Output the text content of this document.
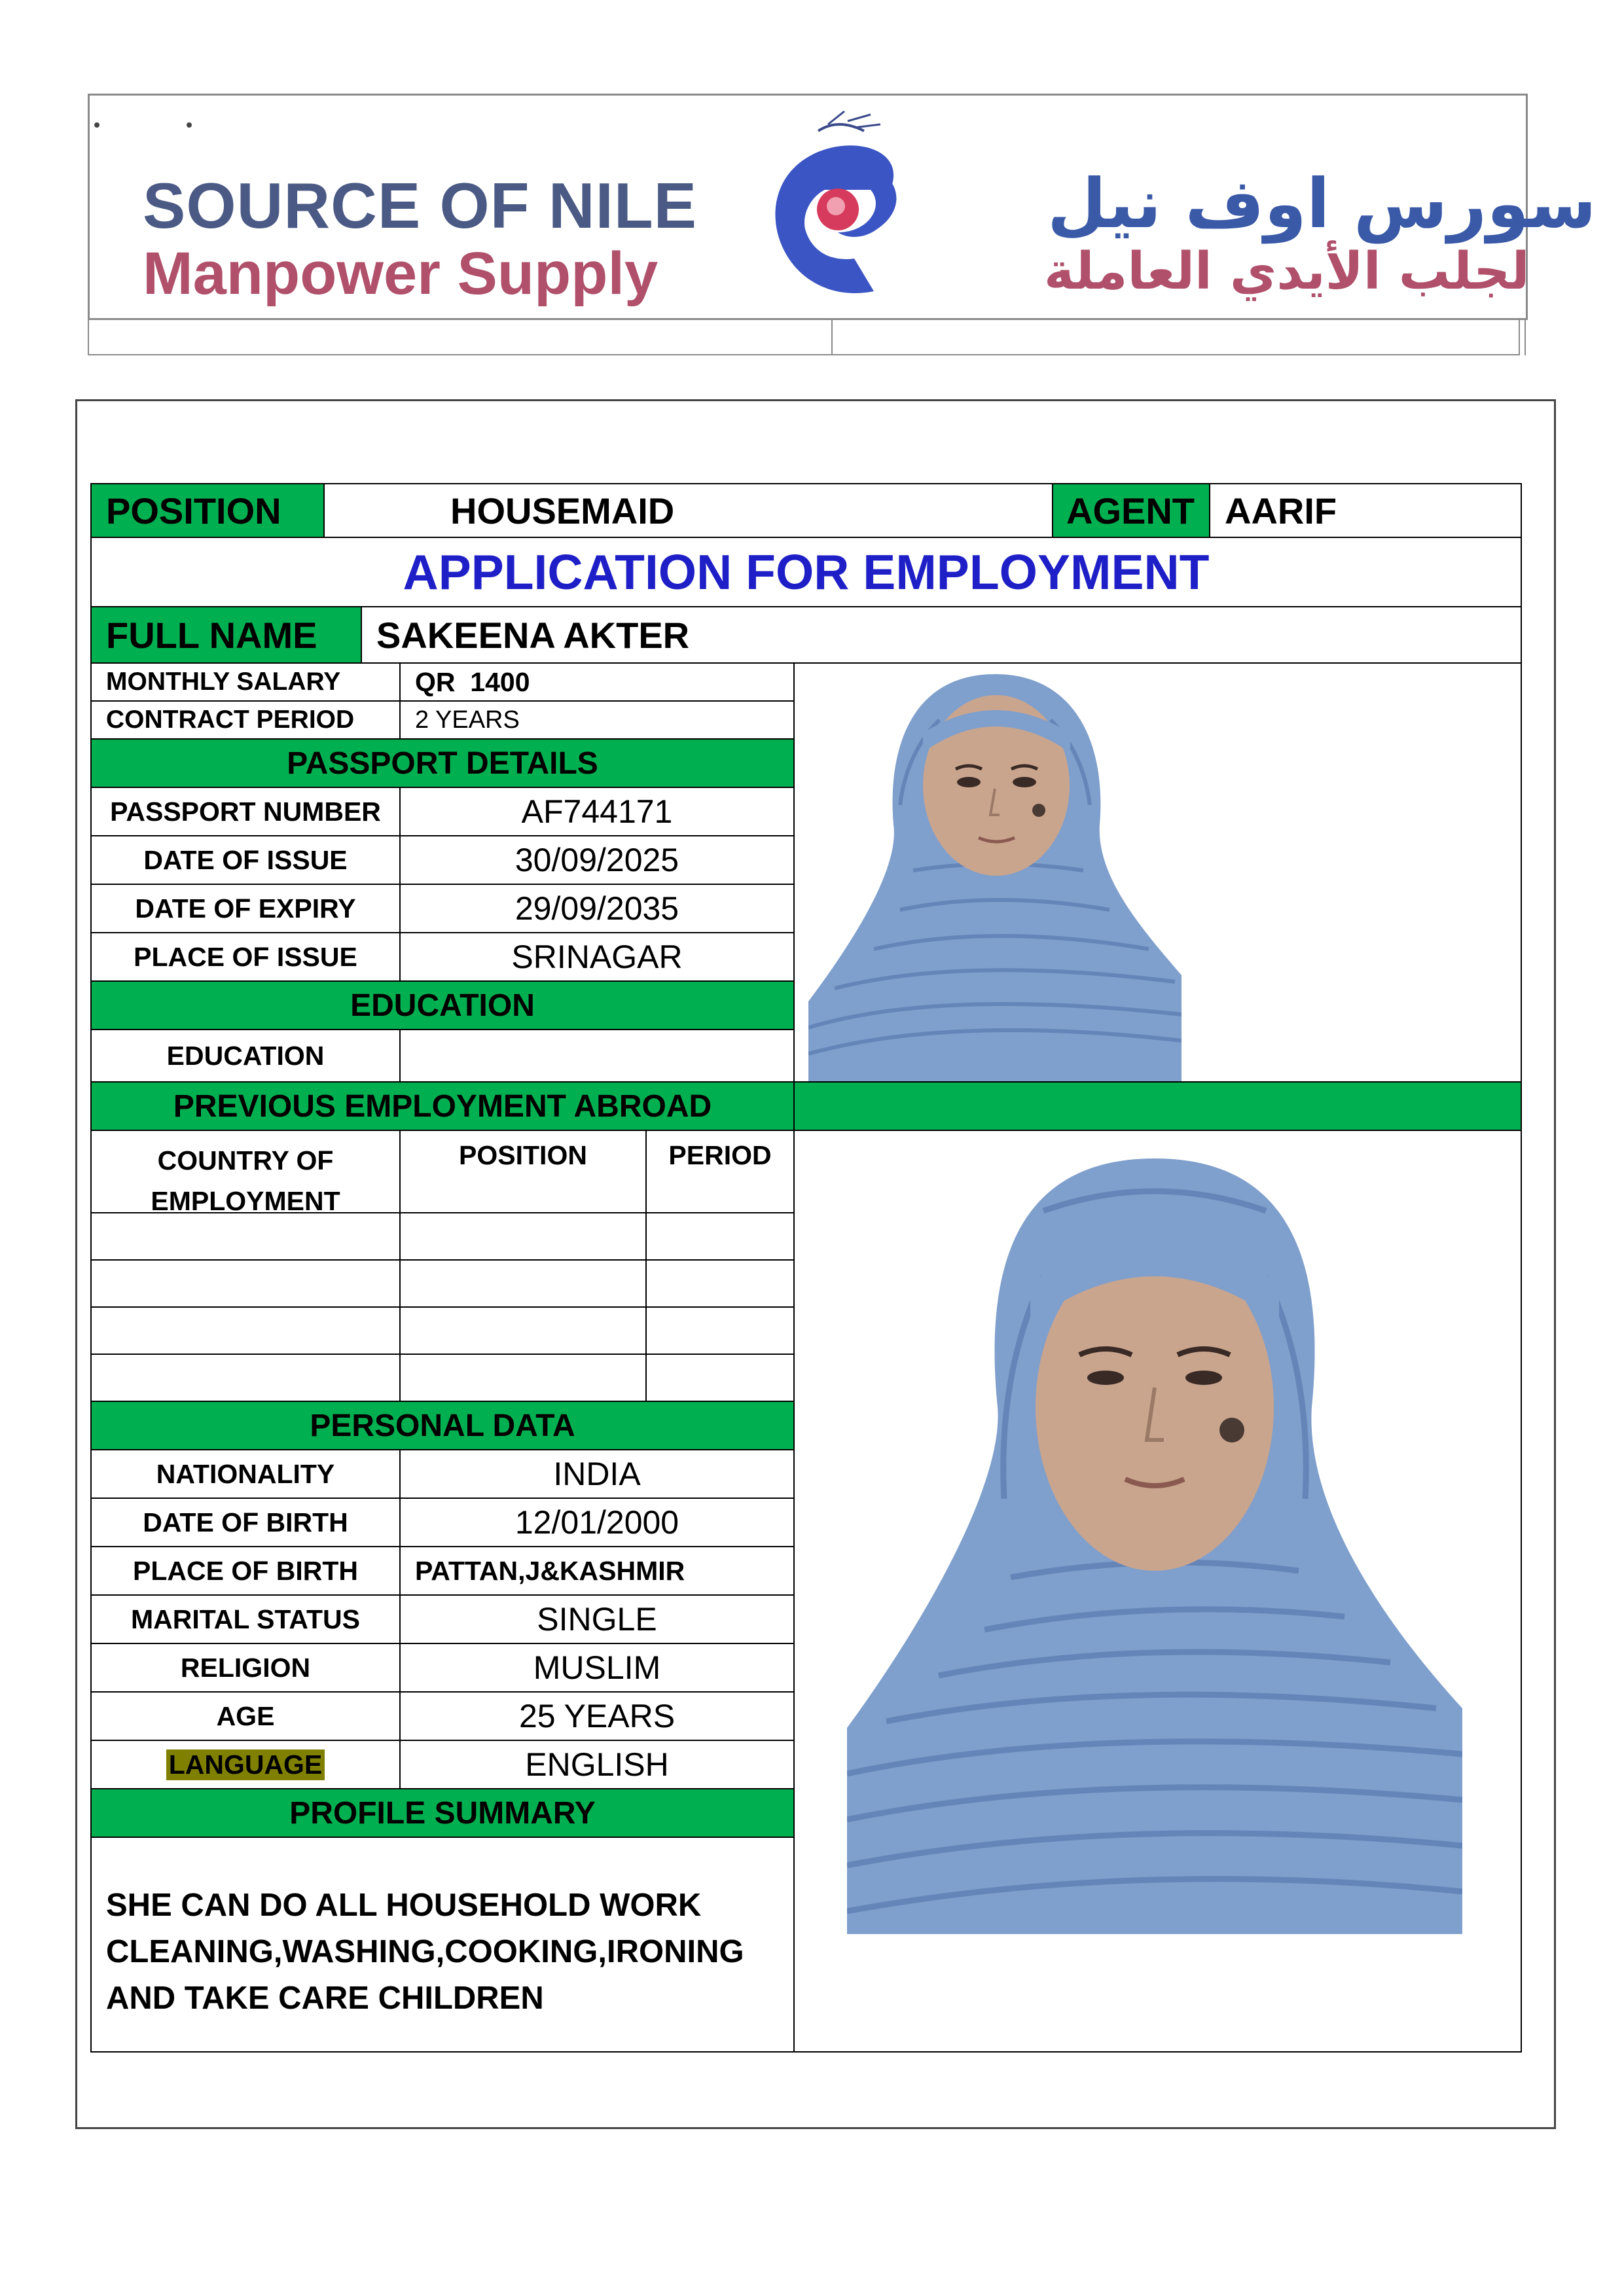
SOURCE OF NILE
Manpower Supply
سورس اوف نيل
لجلب الأيدي العاملة
POSITION	HOUSEMAID	AGENT AARIF
APPLICATION FOR EMPLOYMENT
FULL NAME	SAKEENA AKTER
MONTHLY SALARY	QR  1400
CONTRACT PERIOD	2 YEARS
PASSPORT DETAILS
PASSPORT NUMBER	AF744171
DATE OF ISSUE	30/09/2025
DATE OF EXPIRY	29/09/2035
PLACE OF ISSUE	SRINAGAR
EDUCATION
EDUCATION
PREVIOUS EMPLOYMENT ABROAD
COUNTRY OF
EMPLOYMENT
POSITION	PERIOD
PERSONAL DATA
NATIONALITY	INDIA
DATE OF BIRTH	12/01/2000
PLACE OF BIRTH	PATTAN,J&KASHMIR
MARITAL STATUS	SINGLE
RELIGION	MUSLIM
AGE	25 YEARS
LANGUAGE	ENGLISH
PROFILE SUMMARY
SHE CAN DO ALL HOUSEHOLD WORK
CLEANING,WASHING,COOKING,IRONING
AND TAKE CARE CHILDREN
